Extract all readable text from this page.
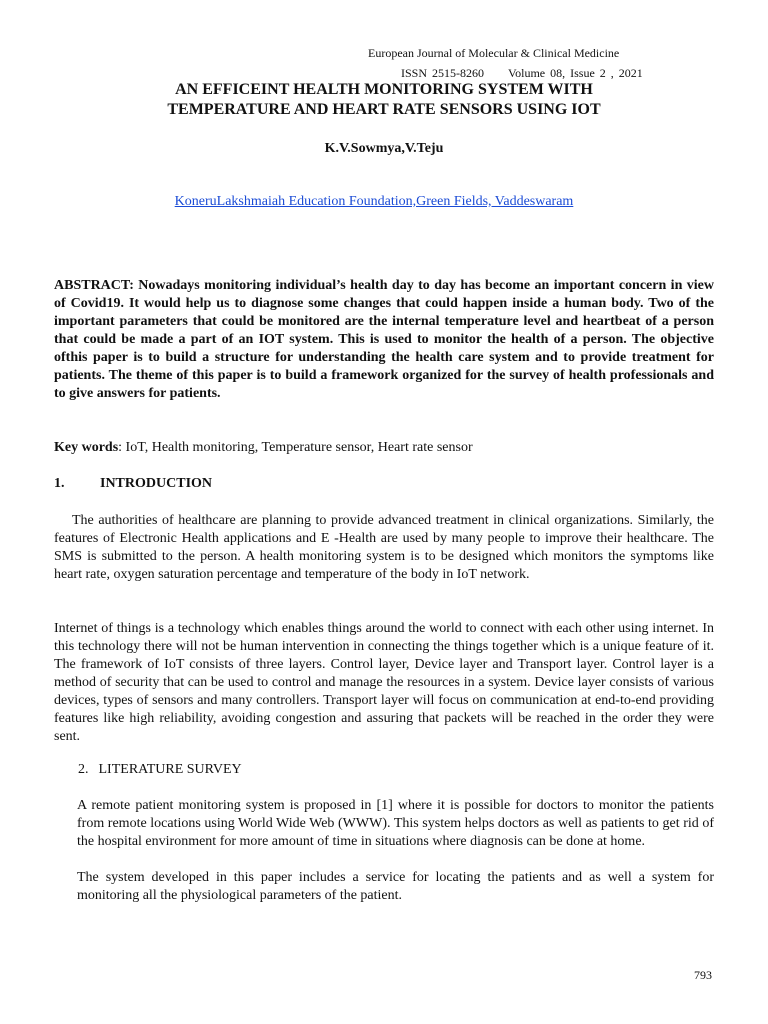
European Journal of Molecular & Clinical Medicine
ISSN 2515-8260 Volume 08, Issue 2 , 2021
AN EFFICEINT HEALTH MONITORING SYSTEM WITH
TEMPERATURE AND HEART RATE SENSORS USING IOT
K.V.Sowmya,V.Teju
KoneruLakshmaiah Education Foundation,Green Fields, Vaddeswaram
ABSTRACT: Nowadays monitoring individual’s health day to day has become an important concern in view of Covid19. It would help us to diagnose some changes that could happen inside a human body. Two of the important parameters that could be monitored are the internal temperature level and heartbeat of a person that could be made a part of an IOT system. This is used to monitor the health of a person. The objective ofthis paper is to build a structure for understanding the health care system and to provide treatment for patients. The theme of this paper is to build a framework organized for the survey of health professionals and to give answers for patients.
Key words: IoT, Health monitoring, Temperature sensor, Heart rate sensor
1.	INTRODUCTION
The authorities of healthcare are planning to provide advanced treatment in clinical organizations. Similarly, the features of Electronic Health applications and E -Health are used by many people to improve their healthcare. The SMS is submitted to the person. A health monitoring system is to be designed which monitors the symptoms like heart rate, oxygen saturation percentage and temperature of the body in IoT network.
Internet of things is a technology which enables things around the world to connect with each other using internet. In this technology there will not be human intervention in connecting the things together which is a unique feature of it. The framework of IoT consists of three layers. Control layer, Device layer and Transport layer. Control layer is a method of security that can be used to control and manage the resources in a system. Device layer consists of various devices, types of sensors and many controllers. Transport layer will focus on communication at end-to-end providing features like high reliability, avoiding congestion and assuring that packets will be reached in the order they were sent.
2. LITERATURE SURVEY
A remote patient monitoring system is proposed in [1] where it is possible for doctors to monitor the patients from remote locations using World Wide Web (WWW). This system helps doctors as well as patients to get rid of the hospital environment for more amount of time in situations where diagnosis can be done at home.
The system developed in this paper includes a service for locating the patients and as well a system for monitoring all the physiological parameters of the patient.
793
